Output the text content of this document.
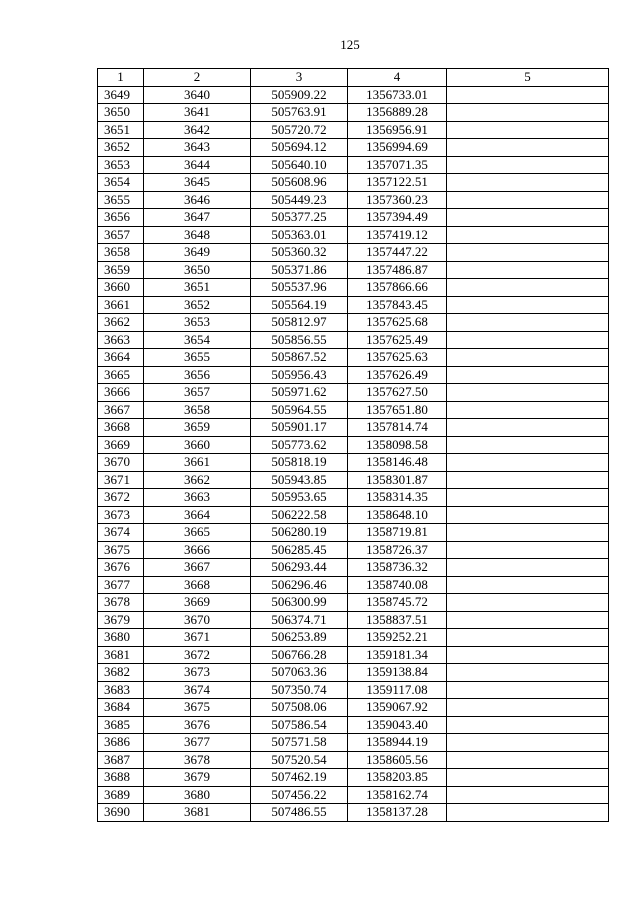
125
1	2	3	4	5
3649	3640	505909.22	1356733.01	
3650	3641	505763.91	1356889.28	
3651	3642	505720.72	1356956.91	
3652	3643	505694.12	1356994.69	
3653	3644	505640.10	1357071.35	
3654	3645	505608.96	1357122.51	
3655	3646	505449.23	1357360.23	
3656	3647	505377.25	1357394.49	
3657	3648	505363.01	1357419.12	
3658	3649	505360.32	1357447.22	
3659	3650	505371.86	1357486.87	
3660	3651	505537.96	1357866.66	
3661	3652	505564.19	1357843.45	
3662	3653	505812.97	1357625.68	
3663	3654	505856.55	1357625.49	
3664	3655	505867.52	1357625.63	
3665	3656	505956.43	1357626.49	
3666	3657	505971.62	1357627.50	
3667	3658	505964.55	1357651.80	
3668	3659	505901.17	1357814.74	
3669	3660	505773.62	1358098.58	
3670	3661	505818.19	1358146.48	
3671	3662	505943.85	1358301.87	
3672	3663	505953.65	1358314.35	
3673	3664	506222.58	1358648.10	
3674	3665	506280.19	1358719.81	
3675	3666	506285.45	1358726.37	
3676	3667	506293.44	1358736.32	
3677	3668	506296.46	1358740.08	
3678	3669	506300.99	1358745.72	
3679	3670	506374.71	1358837.51	
3680	3671	506253.89	1359252.21	
3681	3672	506766.28	1359181.34	
3682	3673	507063.36	1359138.84	
3683	3674	507350.74	1359117.08	
3684	3675	507508.06	1359067.92	
3685	3676	507586.54	1359043.40	
3686	3677	507571.58	1358944.19	
3687	3678	507520.54	1358605.56	
3688	3679	507462.19	1358203.85	
3689	3680	507456.22	1358162.74	
3690	3681	507486.55	1358137.28	
